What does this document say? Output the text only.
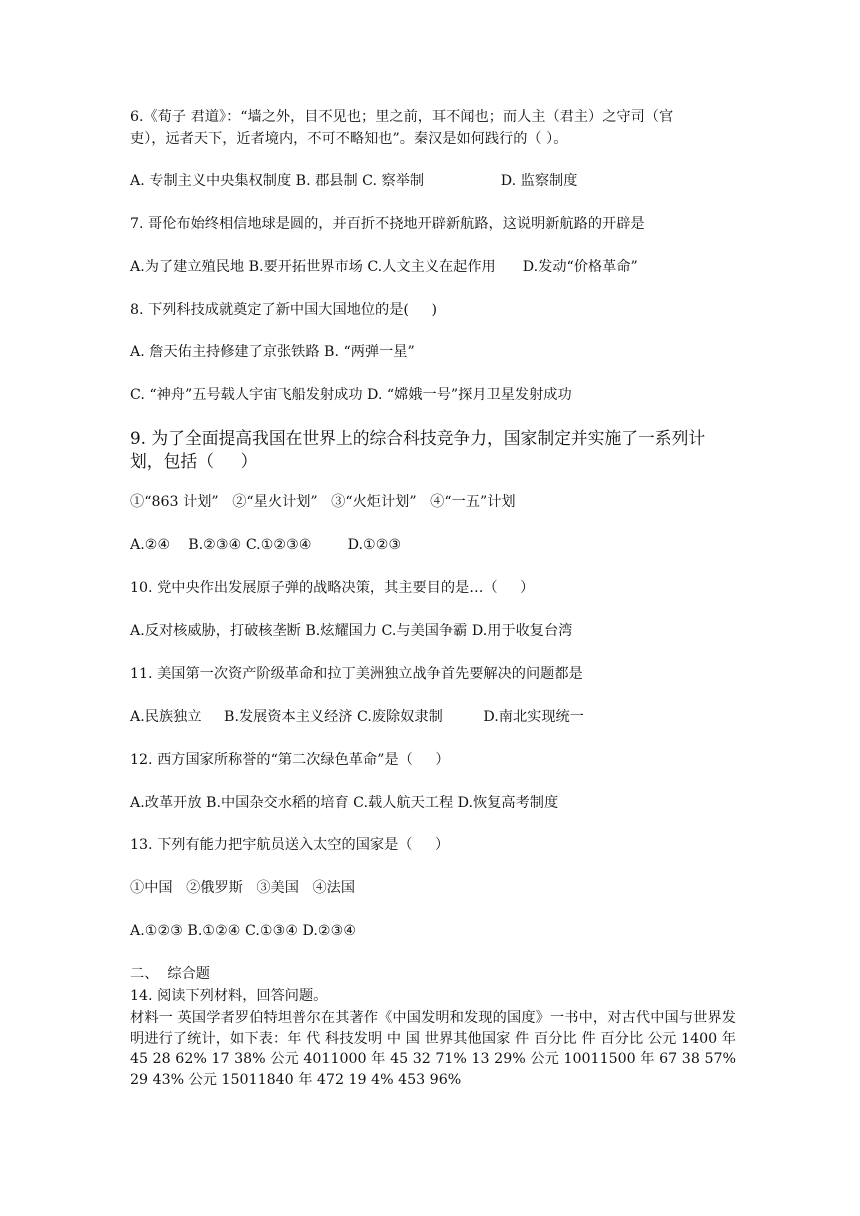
6.《荀子 君道》：“墙之外，目不见也；里之前，耳不闻也；而人主（君主）之守司（官
吏），远者天下，近者境内，不可不略知也”。秦汉是如何践行的（ ）。
A. 专制主义中央集权制度 B. 郡县制 C. 察举制                 D. 监察制度
7. 哥伦布始终相信地球是圆的，并百折不挠地开辟新航路，这说明新航路的开辟是
A.为了建立殖民地 B.要开拓世界市场 C.人文主义在起作用      D.发动“价格革命”
8. 下列科技成就奠定了新中国大国地位的是(     )
A. 詹天佑主持修建了京张铁路 B. “两弹一星”
C. “神舟”五号载人宇宙飞船发射成功 D. “嫦娥一号”探月卫星发射成功
9. 为了全面提高我国在世界上的综合科技竞争力，国家制定并实施了一系列计
划，包括（     ）
①“863 计划”   ②“星火计划”   ③“火炬计划”   ④“一五”计划
A.②④    B.②③④ C.①②③④        D.①②③
10. 党中央作出发展原子弹的战略决策，其主要目的是…（     ）
A.反对核威胁，打破核垄断 B.炫耀国力 C.与美国争霸 D.用于收复台湾
11. 美国第一次资产阶级革命和拉丁美洲独立战争首先要解决的问题都是
A.民族独立     B.发展资本主义经济 C.废除奴隶制         D.南北实现统一
12. 西方国家所称誉的“第二次绿色革命”是（     ）
A.改革开放 B.中国杂交水稻的培育 C.载人航天工程 D.恢复高考制度
13. 下列有能力把宇航员送入太空的国家是（     ）
①中国   ②俄罗斯   ③美国   ④法国
A.①②③ B.①②④ C.①③④ D.②③④
二、  综合题
14. 阅读下列材料，回答问题。
材料一 英国学者罗伯特坦普尔在其著作《中国发明和发现的国度》一书中，对古代中国与世界发明进行了统计，如下表：年 代 科技发明 中 国 世界其他国家 件 百分比 件 百分比 公元 1400 年 45 28 62% 17 38% 公元 4011000 年 45 32 71% 13 29% 公元 10011500 年 67 38 57% 29 43% 公元 15011840 年 472 19 4% 453 96%
